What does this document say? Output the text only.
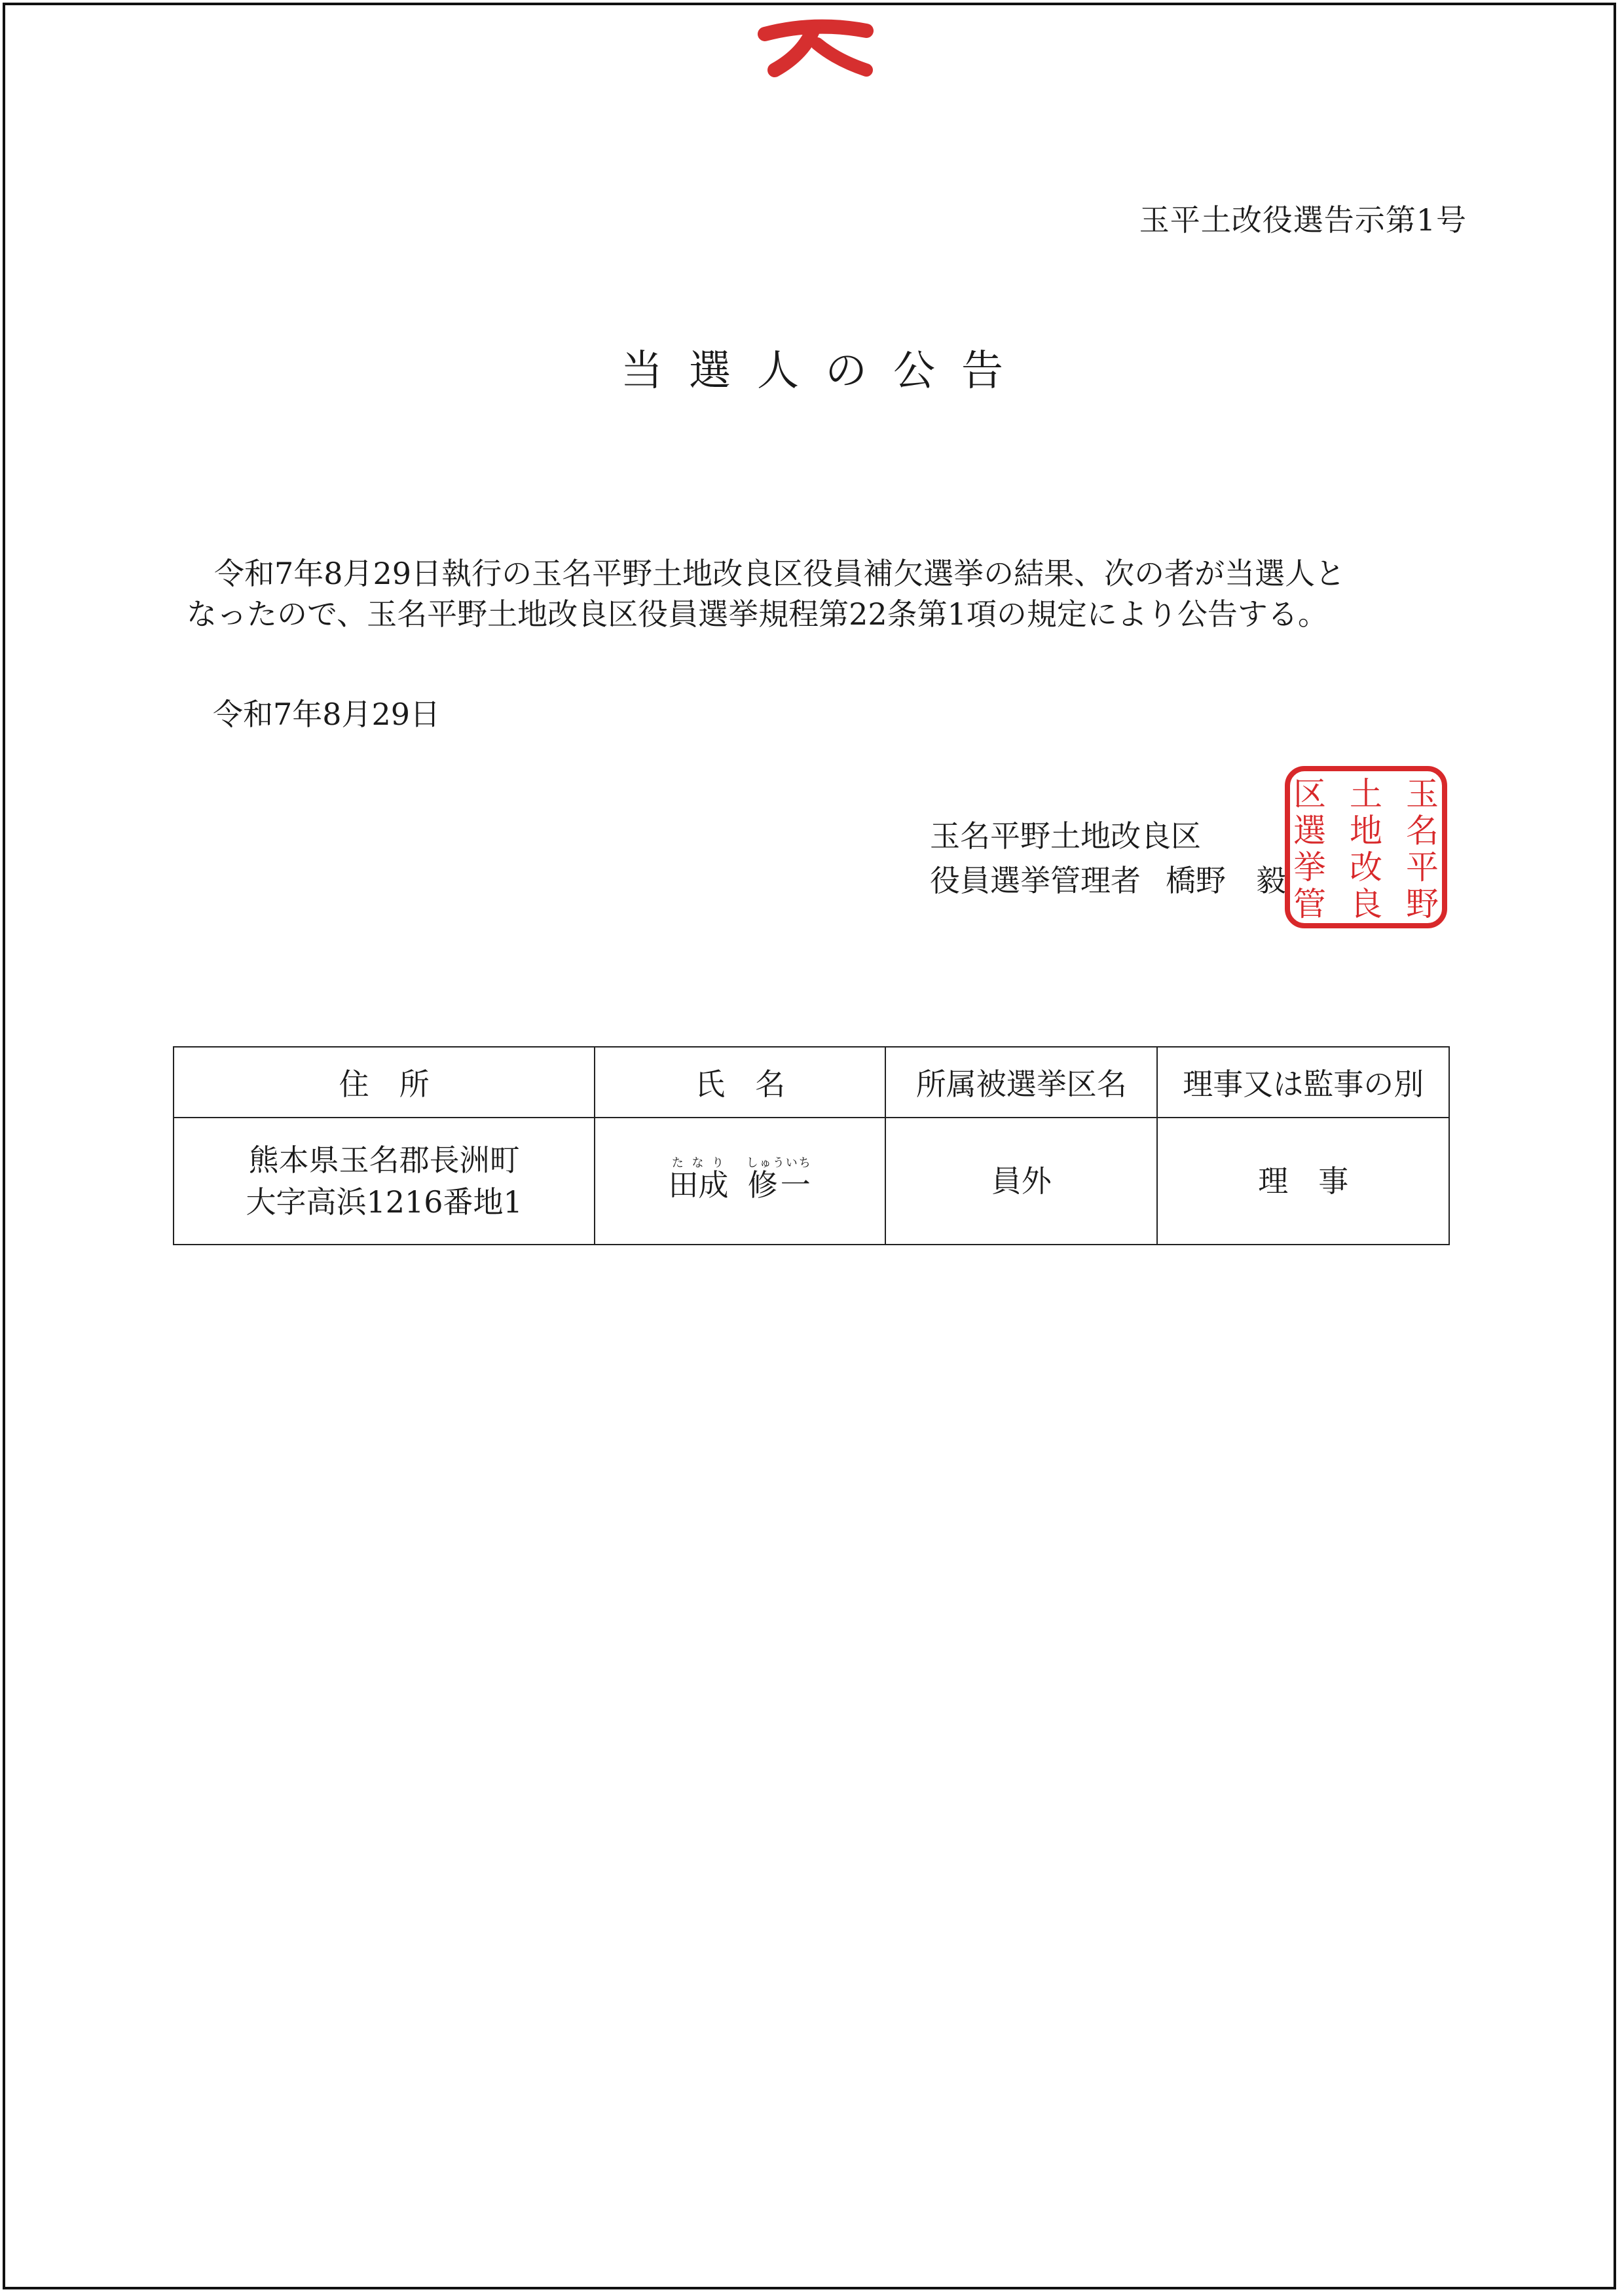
玉平土改役選告示第1号
当選人の公告

令和7年8月29日執行の玉名平野土地改良区役員補欠選挙の結果、次の者が当選人と

なったので、玉名平野土地改良区役員選挙規程第22条第1項の規定により公告する。

令和7年8月29日
玉名平野土地改良区
役員選挙管理者 橋野　毅
玉
名
平
野
土
地
改
良
区
選
挙
管
住　所	氏　名	所属被選挙区名	理事又は監事の別

熊本県玉名郡長洲町
大字高浜1216番地1	田成たなり  修一しゅういち	員外	理　事
